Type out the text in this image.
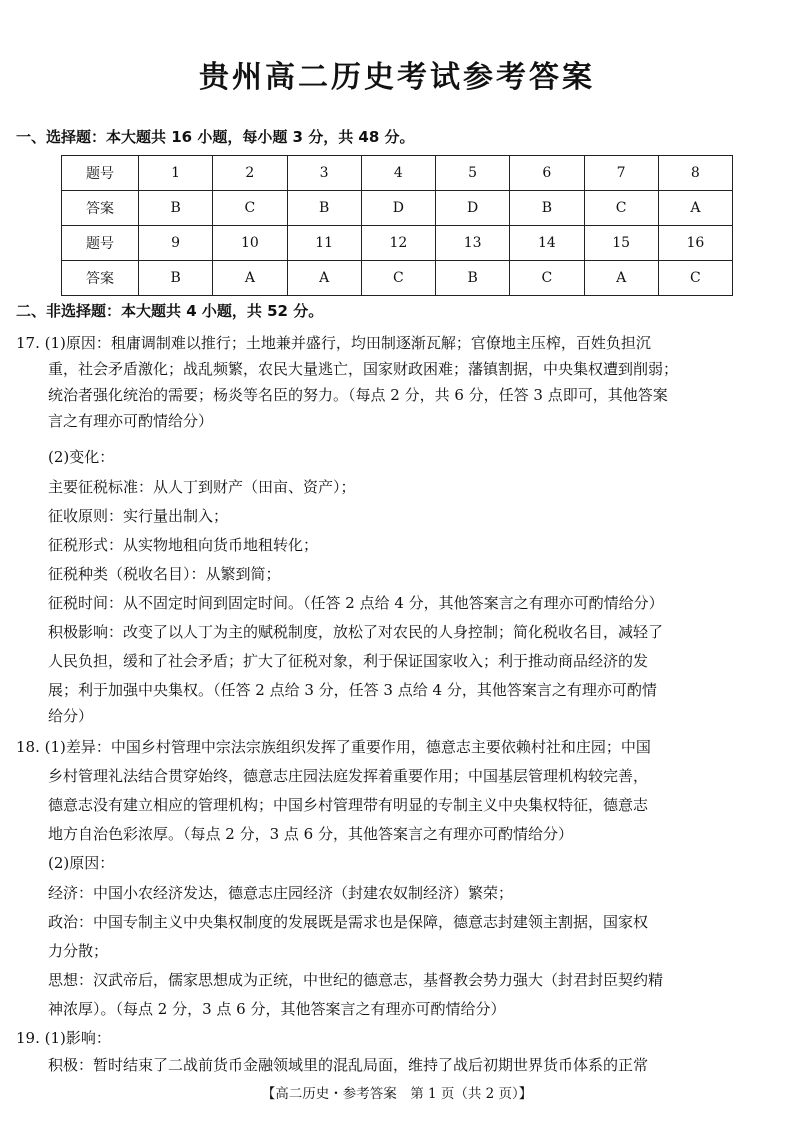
贵州高二历史考试参考答案
一、选择题：本大题共 16 小题，每小题 3 分，共 48 分。
题号	1	2	3	4	5	6	7	8
答案	B	C	B	D	D	B	C	A
题号	9	10	11	12	13	14	15	16
答案	B	A	A	C	B	C	A	C
二、非选择题：本大题共 4 小题，共 52 分。
17. (1)原因：租庸调制难以推行；土地兼并盛行，均田制逐渐瓦解；官僚地主压榨，百姓负担沉
重，社会矛盾激化；战乱频繁，农民大量逃亡，国家财政困难；藩镇割据，中央集权遭到削弱；
统治者强化统治的需要；杨炎等名臣的努力。（每点 2 分，共 6 分，任答 3 点即可，其他答案
言之有理亦可酌情给分）
(2)变化：
主要征税标准：从人丁到财产（田亩、资产）；
征收原则：实行量出制入；
征税形式：从实物地租向货币地租转化；
征税种类（税收名目）：从繁到简；
征税时间：从不固定时间到固定时间。（任答 2 点给 4 分，其他答案言之有理亦可酌情给分）
积极影响：改变了以人丁为主的赋税制度，放松了对农民的人身控制；简化税收名目，减轻了
人民负担，缓和了社会矛盾；扩大了征税对象，利于保证国家收入；利于推动商品经济的发
展；利于加强中央集权。（任答 2 点给 3 分，任答 3 点给 4 分，其他答案言之有理亦可酌情
给分）
18. (1)差异：中国乡村管理中宗法宗族组织发挥了重要作用，德意志主要依赖村社和庄园；中国
乡村管理礼法结合贯穿始终，德意志庄园法庭发挥着重要作用；中国基层管理机构较完善，
德意志没有建立相应的管理机构；中国乡村管理带有明显的专制主义中央集权特征，德意志
地方自治色彩浓厚。（每点 2 分，3 点 6 分，其他答案言之有理亦可酌情给分）
(2)原因：
经济：中国小农经济发达，德意志庄园经济（封建农奴制经济）繁荣；
政治：中国专制主义中央集权制度的发展既是需求也是保障，德意志封建领主割据，国家权
力分散；
思想：汉武帝后，儒家思想成为正统，中世纪的德意志，基督教会势力强大（封君封臣契约精
神浓厚）。（每点 2 分，3 点 6 分，其他答案言之有理亦可酌情给分）
19. (1)影响：
积极：暂时结束了二战前货币金融领域里的混乱局面，维持了战后初期世界货币体系的正常
【高二历史・参考答案　第 1 页（共 2 页）】
